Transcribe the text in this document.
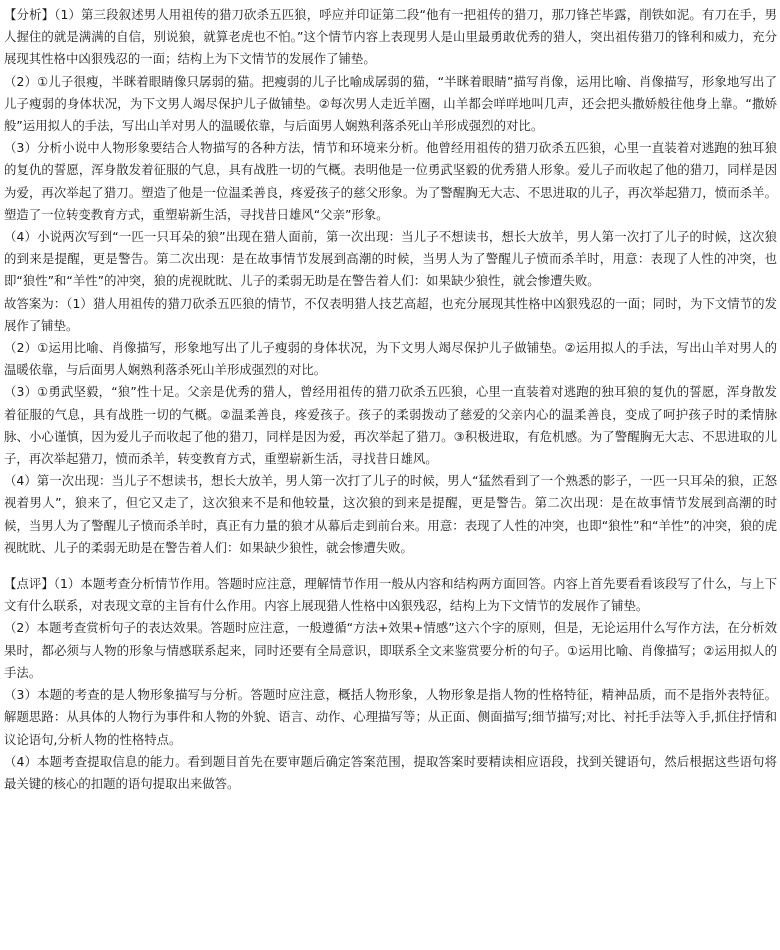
【分析】（1）第三段叙述男人用祖传的猎刀砍杀五匹狼，呼应并印证第二段“他有一把祖传的猎刀，那刀锋芒毕露，削铁如泥。有刀在手，男人握住的就是满满的自信，别说狼，就算老虎也不怕。”这个情节内容上表现男人是山里最勇敢优秀的猎人，突出祖传猎刀的锋利和威力，充分展现其性格中凶狠残忍的一面；结构上为下文情节的发展作了铺垫。

（2）①儿子很瘦，半眯着眼睛像只孱弱的猫。把瘦弱的儿子比喻成孱弱的猫，“半眯着眼睛”描写肖像，运用比喻、肖像描写，形象地写出了儿子瘦弱的身体状况，为下文男人竭尽保护儿子做铺垫。②每次男人走近羊圈，山羊都会咩咩地叫几声，还会把头撒娇般往他身上靠。“撒娇般”运用拟人的手法，写出山羊对男人的温暖依靠，与后面男人娴熟利落杀死山羊形成强烈的对比。

（3）分析小说中人物形象要结合人物描写的各种方法，情节和环境来分析。他曾经用祖传的猎刀砍杀五匹狼，心里一直装着对逃跑的独耳狼的复仇的誓愿，浑身散发着征服的气息，具有战胜一切的气概。表明他是一位勇武坚毅的优秀猎人形象。爱儿子而收起了他的猎刀，同样是因为爱，再次举起了猎刀。塑造了他是一位温柔善良，疼爱孩子的慈父形象。为了警醒胸无大志、不思进取的儿子，再次举起猎刀，愤而杀羊。塑造了一位转变教育方式，重塑崭新生活，寻找昔日雄风“父亲”形象。

（4）小说两次写到“一匹一只耳朵的狼”出现在猎人面前，第一次出现：当儿子不想读书，想长大放羊，男人第一次打了儿子的时候，这次狼的到来是提醒，更是警告。第二次出现：是在故事情节发展到高潮的时候，当男人为了警醒儿子愤而杀羊时，用意：表现了人性的冲突，也即“狼性”和“羊性”的冲突，狼的虎视眈眈、儿子的柔弱无助是在警告着人们：如果缺少狼性，就会惨遭失败。

故答案为：（1）猎人用祖传的猎刀砍杀五匹狼的情节，不仅表明猎人技艺高超，也充分展现其性格中凶狠残忍的一面；同时，为下文情节的发展作了铺垫。

（2）①运用比喻、肖像描写，形象地写出了儿子瘦弱的身体状况，为下文男人竭尽保护儿子做铺垫。②运用拟人的手法，写出山羊对男人的温暖依靠，与后面男人娴熟利落杀死山羊形成强烈的对比。

（3）①勇武坚毅，“狼”性十足。父亲是优秀的猎人，曾经用祖传的猎刀砍杀五匹狼，心里一直装着对逃跑的独耳狼的复仇的誓愿，浑身散发着征服的气息，具有战胜一切的气概。②温柔善良，疼爱孩子。孩子的柔弱拨动了慈爱的父亲内心的温柔善良，变成了呵护孩子时的柔情脉脉、小心谨慎，因为爱儿子而收起了他的猎刀，同样是因为爱，再次举起了猎刀。③积极进取，有危机感。为了警醒胸无大志、不思进取的儿子，再次举起猎刀，愤而杀羊，转变教育方式，重塑崭新生活，寻找昔日雄风。

（4）第一次出现：当儿子不想读书，想长大放羊，男人第一次打了儿子的时候，男人“猛然看到了一个熟悉的影子，一匹一只耳朵的狼，正怒视着男人”，狼来了，但它又走了，这次狼来不是和他较量，这次狼的到来是提醒，更是警告。第二次出现：是在故事情节发展到高潮的时候，当男人为了警醒儿子愤而杀羊时，真正有力量的狼才从幕后走到前台来。用意：表现了人性的冲突，也即“狼性”和“羊性”的冲突，狼的虎视眈眈、儿子的柔弱无助是在警告着人们：如果缺少狼性，就会惨遭失败。

【点评】（1）本题考查分析情节作用。答题时应注意，理解情节作用一般从内容和结构两方面回答。内容上首先要看看该段写了什么，与上下文有什么联系，对表现文章的主旨有什么作用。内容上展现猎人性格中凶狠残忍，结构上为下文情节的发展作了铺垫。

（2）本题考查赏析句子的表达效果。答题时应注意，一般遵循“方法+效果+情感”这六个字的原则，但是，无论运用什么写作方法，在分析效果时，都必须与人物的形象与情感联系起来，同时还要有全局意识，即联系全文来鉴赏要分析的句子。①运用比喻、肖像描写；②运用拟人的手法。

（3）本题的考查的是人物形象描写与分析。答题时应注意，概括人物形象，人物形象是指人物的性格特征，精神品质，而不是指外表特征。解题思路：从具体的人物行为事件和人物的外貌、语言、动作、心理描写等；从正面、侧面描写;细节描写;对比、衬托手法等入手,抓住抒情和议论语句,分析人物的性格特点。

（4）本题考查提取信息的能力。看到题目首先在要审题后确定答案范围，提取答案时要精读相应语段，找到关键语句，然后根据这些语句将最关键的核心的扣题的语句提取出来做答。
